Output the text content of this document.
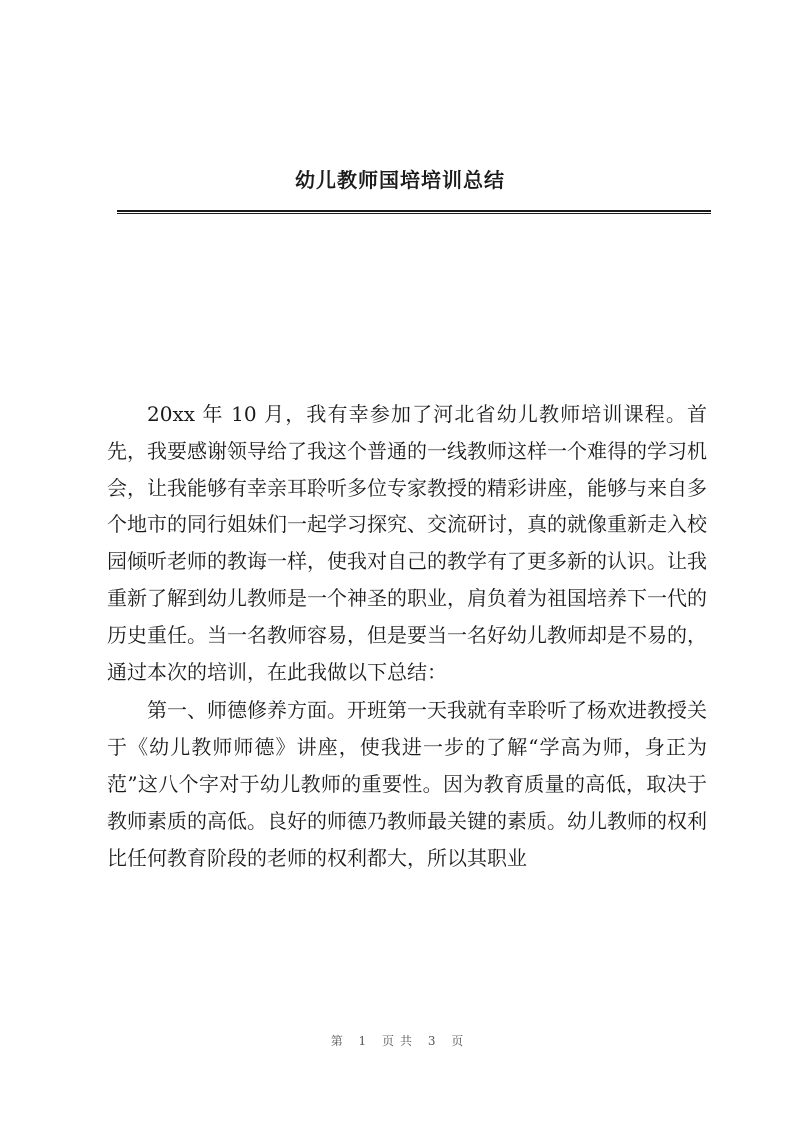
幼儿教师国培培训总结

20xx 年 10 月，我有幸参加了河北省幼儿教师培训课程。首先，我要感谢领导给了我这个普通的一线教师这样一个难得的学习机会，让我能够有幸亲耳聆听多位专家教授的精彩讲座，能够与来自多个地市的同行姐妹们一起学习探究、交流研讨，真的就像重新走入校园倾听老师的教诲一样，使我对自己的教学有了更多新的认识。让我重新了解到幼儿教师是一个神圣的职业，肩负着为祖国培养下一代的历史重任。当一名教师容易，但是要当一名好幼儿教师却是不易的，通过本次的培训，在此我做以下总结：

第一、师德修养方面。开班第一天我就有幸聆听了杨欢进教授关于《幼儿教师师德》讲座，使我进一步的了解“学高为师，身正为范”这八个字对于幼儿教师的重要性。因为教育质量的高低，取决于教师素质的高低。良好的师德乃教师最关键的素质。幼儿教师的权利比任何教育阶段的老师的权利都大，所以其职业

第 1 页共 3 页
